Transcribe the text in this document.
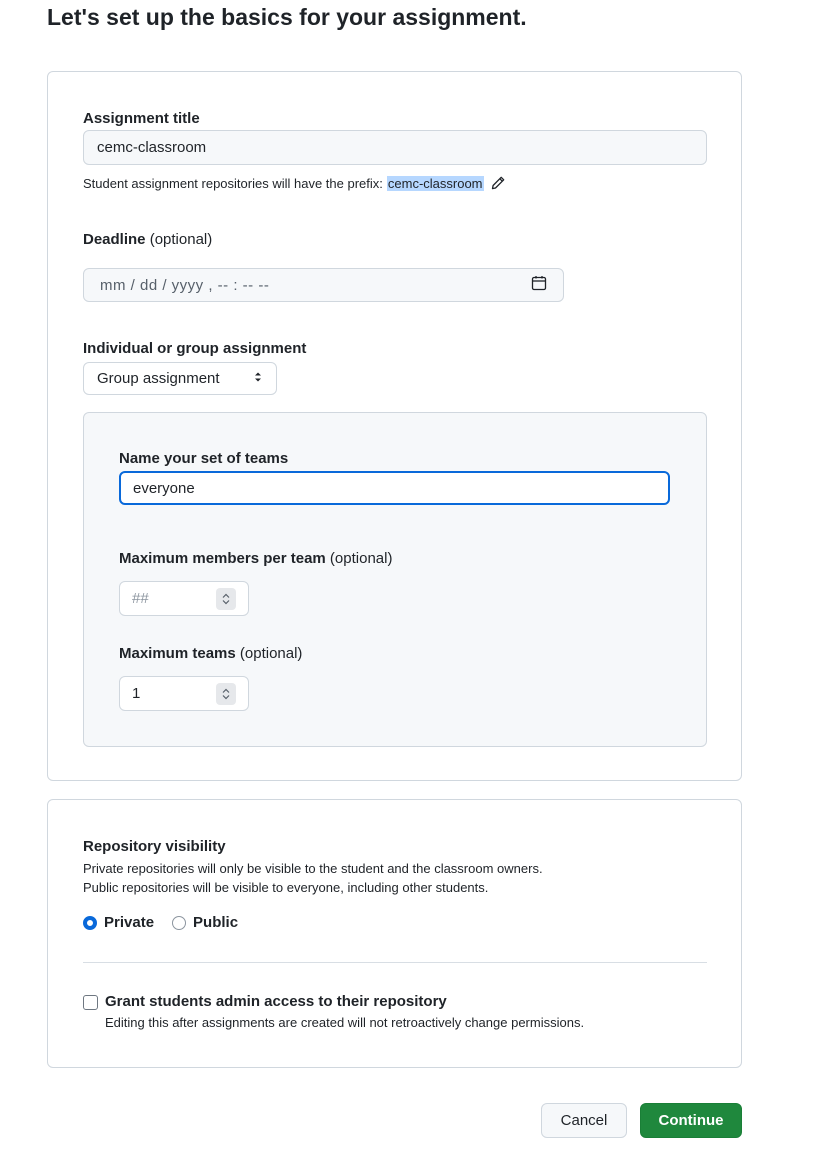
Let's set up the basics for your assignment.
Assignment title
cemc-classroom
Student assignment repositories will have the prefix: cemc-classroom
Deadline (optional)
mm / dd / yyyy , -- : -- --
Individual or group assignment
Group assignment
Name your set of teams
everyone
Maximum members per team (optional)
##
Maximum teams (optional)
1
Repository visibility
Private repositories will only be visible to the student and the classroom owners.
Public repositories will be visible to everyone, including other students.
Private	Public
Grant students admin access to their repository
Editing this after assignments are created will not retroactively change permissions.
Cancel	Continue
